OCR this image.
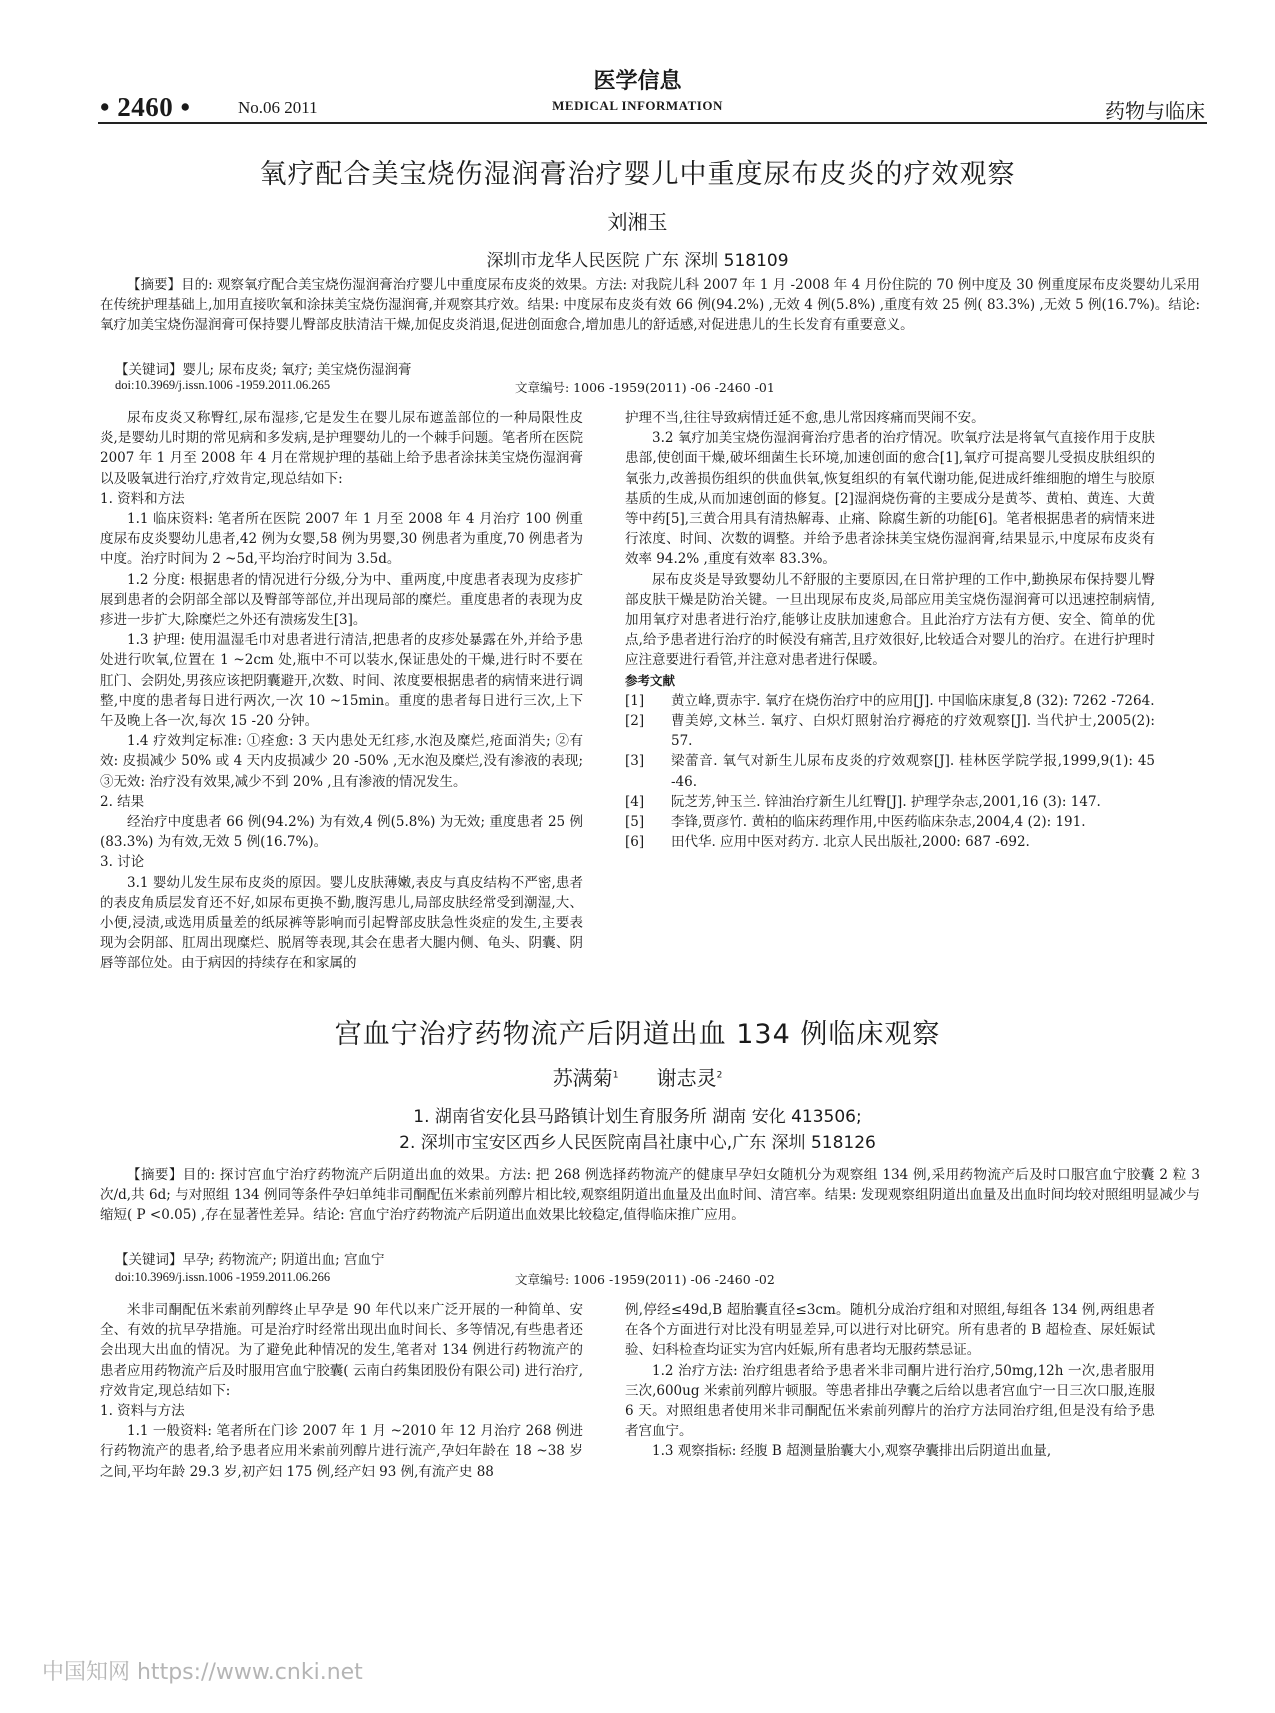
• 2460 •	No.06 2011
医学信息
MEDICAL INFORMATION	药物与临床
氧疗配合美宝烧伤湿润膏治疗婴儿中重度尿布皮炎的疗效观察
刘湘玉
深圳市龙华人民医院 广东 深圳 518109
【摘要】目的: 观察氧疗配合美宝烧伤湿润膏治疗婴儿中重度尿布皮炎的效果。方法: 对我院儿科 2007 年 1 月 -2008 年 4 月份住院的 70 例中度及 30 例重度尿布皮炎婴幼儿采用在传统护理基础上,加用直接吹氧和涂抹美宝烧伤湿润膏,并观察其疗效。结果: 中度尿布皮炎有效 66 例(94.2%) ,无效 4 例(5.8%) ,重度有效 25 例( 83.3%) ,无效 5 例(16.7%)。结论: 氧疗加美宝烧伤湿润膏可保持婴儿臀部皮肤清洁干燥,加促皮炎消退,促进创面愈合,增加患儿的舒适感,对促进患儿的生长发育有重要意义。
【关键词】婴儿; 尿布皮炎; 氧疗; 美宝烧伤湿润膏
doi:10.3969/j.issn.1006 -1959.2011.06.265	文章编号: 1006 -1959(2011) -06 -2460 -01

尿布皮炎又称臀红,尿布湿疹,它是发生在婴儿尿布遮盖部位的一种局限性皮炎,是婴幼儿时期的常见病和多发病,是护理婴幼儿的一个棘手问题。笔者所在医院 2007 年 1 月至 2008 年 4 月在常规护理的基础上给予患者涂抹美宝烧伤湿润膏以及吸氧进行治疗,疗效肯定,现总结如下:

1. 资料和方法

1.1 临床资料: 笔者所在医院 2007 年 1 月至 2008 年 4 月治疗 100 例重度尿布皮炎婴幼儿患者,42 例为女婴,58 例为男婴,30 例患者为重度,70 例患者为中度。治疗时间为 2 ~5d,平均治疗时间为 3.5d。

1.2 分度: 根据患者的情况进行分级,分为中、重两度,中度患者表现为皮疹扩展到患者的会阴部全部以及臀部等部位,并出现局部的糜烂。重度患者的表现为皮疹进一步扩大,除糜烂之外还有溃疡发生[3]。

1.3 护理: 使用温湿毛巾对患者进行清洁,把患者的皮疹处暴露在外,并给予患处进行吹氧,位置在 1 ~2cm 处,瓶中不可以装水,保证患处的干燥,进行时不要在肛门、会阴处,男孩应该把阴囊避开,次数、时间、浓度要根据患者的病情来进行调整,中度的患者每日进行两次,一次 10 ~15min。重度的患者每日进行三次,上下午及晚上各一次,每次 15 -20 分钟。

1.4 疗效判定标准: ①痊愈: 3 天内患处无红疹,水泡及糜烂,疮面消失; ②有效: 皮损减少 50% 或 4 天内皮损减少 20 -50% ,无水泡及糜烂,没有渗液的表现; ③无效: 治疗没有效果,减少不到 20% ,且有渗液的情况发生。

2. 结果

经治疗中度患者 66 例(94.2%) 为有效,4 例(5.8%) 为无效; 重度患者 25 例(83.3%) 为有效,无效 5 例(16.7%)。

3. 讨论

3.1 婴幼儿发生尿布皮炎的原因。婴儿皮肤薄嫩,表皮与真皮结构不严密,患者的表皮角质层发育还不好,如尿布更换不勤,腹泻患儿,局部皮肤经常受到潮湿,大、小便,浸渍,或选用质量差的纸尿裤等影响而引起臀部皮肤急性炎症的发生,主要表现为会阴部、肛周出现糜烂、脱屑等表现,其会在患者大腿内侧、龟头、阴囊、阴唇等部位处。由于病因的持续存在和家属的

护理不当,往往导致病情迁延不愈,患儿常因疼痛而哭闹不安。

3.2 氧疗加美宝烧伤湿润膏治疗患者的治疗情况。吹氧疗法是将氧气直接作用于皮肤患部,使创面干燥,破坏细菌生长环境,加速创面的愈合[1],氧疗可提高婴儿受损皮肤组织的氧张力,改善损伤组织的供血供氧,恢复组织的有氧代谢功能,促进成纤维细胞的增生与胶原基质的生成,从而加速创面的修复。[2]湿润烧伤膏的主要成分是黄芩、黄柏、黄连、大黄等中药[5],三黄合用具有清热解毒、止痛、除腐生新的功能[6]。笔者根据患者的病情来进行浓度、时间、次数的调整。并给予患者涂抹美宝烧伤湿润膏,结果显示,中度尿布皮炎有效率 94.2% ,重度有效率 83.3%。

尿布皮炎是导致婴幼儿不舒服的主要原因,在日常护理的工作中,勤换尿布保持婴儿臀部皮肤干燥是防治关键。一旦出现尿布皮炎,局部应用美宝烧伤湿润膏可以迅速控制病情,加用氧疗对患者进行治疗,能够让皮肤加速愈合。且此治疗方法有方便、安全、简单的优点,给予患者进行治疗的时候没有痛苦,且疗效很好,比较适合对婴儿的治疗。在进行护理时应注意要进行看管,并注意对患者进行保暖。

参考文献

[1] 黄立峰,贾赤宇. 氧疗在烧伤治疗中的应用[J]. 中国临床康复,8 (32): 7262 -7264.

[2] 曹美婷,文林兰. 氧疗、白炽灯照射治疗褥疮的疗效观察[J]. 当代护士,2005(2): 57.

[3] 梁蕾音. 氧气对新生儿尿布皮炎的疗效观察[J]. 桂林医学院学报,1999,9(1): 45 -46.

[4] 阮芝芳,钟玉兰. 锌油治疗新生儿红臀[J]. 护理学杂志,2001,16 (3): 147.

[5] 李锋,贾彦竹. 黄柏的临床药理作用,中医药临床杂志,2004,4 (2): 191.

[6] 田代华. 应用中医对药方. 北京人民出版社,2000: 687 -692.

宫血宁治疗药物流产后阴道出血 134 例临床观察
苏满菊$^1$ 谢志灵$^2$
1. 湖南省安化县马路镇计划生育服务所 湖南 安化 413506;
2. 深圳市宝安区西乡人民医院南昌社康中心,广东 深圳 518126
【摘要】目的: 探讨宫血宁治疗药物流产后阴道出血的效果。方法: 把 268 例选择药物流产的健康早孕妇女随机分为观察组 134 例,采用药物流产后及时口服宫血宁胶囊 2 粒 3 次/d,共 6d; 与对照组 134 例同等条件孕妇单纯非司酮配伍米索前列醇片相比较,观察组阴道出血量及出血时间、清宫率。结果: 发现观察组阴道出血量及出血时间均较对照组明显减少与缩短( P <0.05) ,存在显著性差异。结论: 宫血宁治疗药物流产后阴道出血效果比较稳定,值得临床推广应用。
【关键词】早孕; 药物流产; 阴道出血; 宫血宁
doi:10.3969/j.issn.1006 -1959.2011.06.266	文章编号: 1006 -1959(2011) -06 -2460 -02

米非司酮配伍米索前列醇终止早孕是 90 年代以来广泛开展的一种简单、安全、有效的抗早孕措施。可是治疗时经常出现出血时间长、多等情况,有些患者还会出现大出血的情况。为了避免此种情况的发生,笔者对 134 例进行药物流产的患者应用药物流产后及时服用宫血宁胶囊( 云南白药集团股份有限公司) 进行治疗,疗效肯定,现总结如下:

1. 资料与方法

1.1 一般资料: 笔者所在门诊 2007 年 1 月 ~2010 年 12 月治疗 268 例进行药物流产的患者,给予患者应用米索前列醇片进行流产,孕妇年龄在 18 ~38 岁之间,平均年龄 29.3 岁,初产妇 175 例,经产妇 93 例,有流产史 88

例,停经≤49d,B 超胎囊直径≤3cm。随机分成治疗组和对照组,每组各 134 例,两组患者在各个方面进行对比没有明显差异,可以进行对比研究。所有患者的 B 超检查、尿妊娠试验、妇科检查均证实为宫内妊娠,所有患者均无服药禁忌证。

1.2 治疗方法: 治疗组患者给予患者米非司酮片进行治疗,50mg,12h 一次,患者服用三次,600ug 米索前列醇片顿服。等患者排出孕囊之后给以患者宫血宁一日三次口服,连服 6 天。对照组患者使用米非司酮配伍米索前列醇片的治疗方法同治疗组,但是没有给予患者宫血宁。

1.3 观察指标: 经腹 B 超测量胎囊大小,观察孕囊排出后阴道出血量,

中国知网 https://www.cnki.net
